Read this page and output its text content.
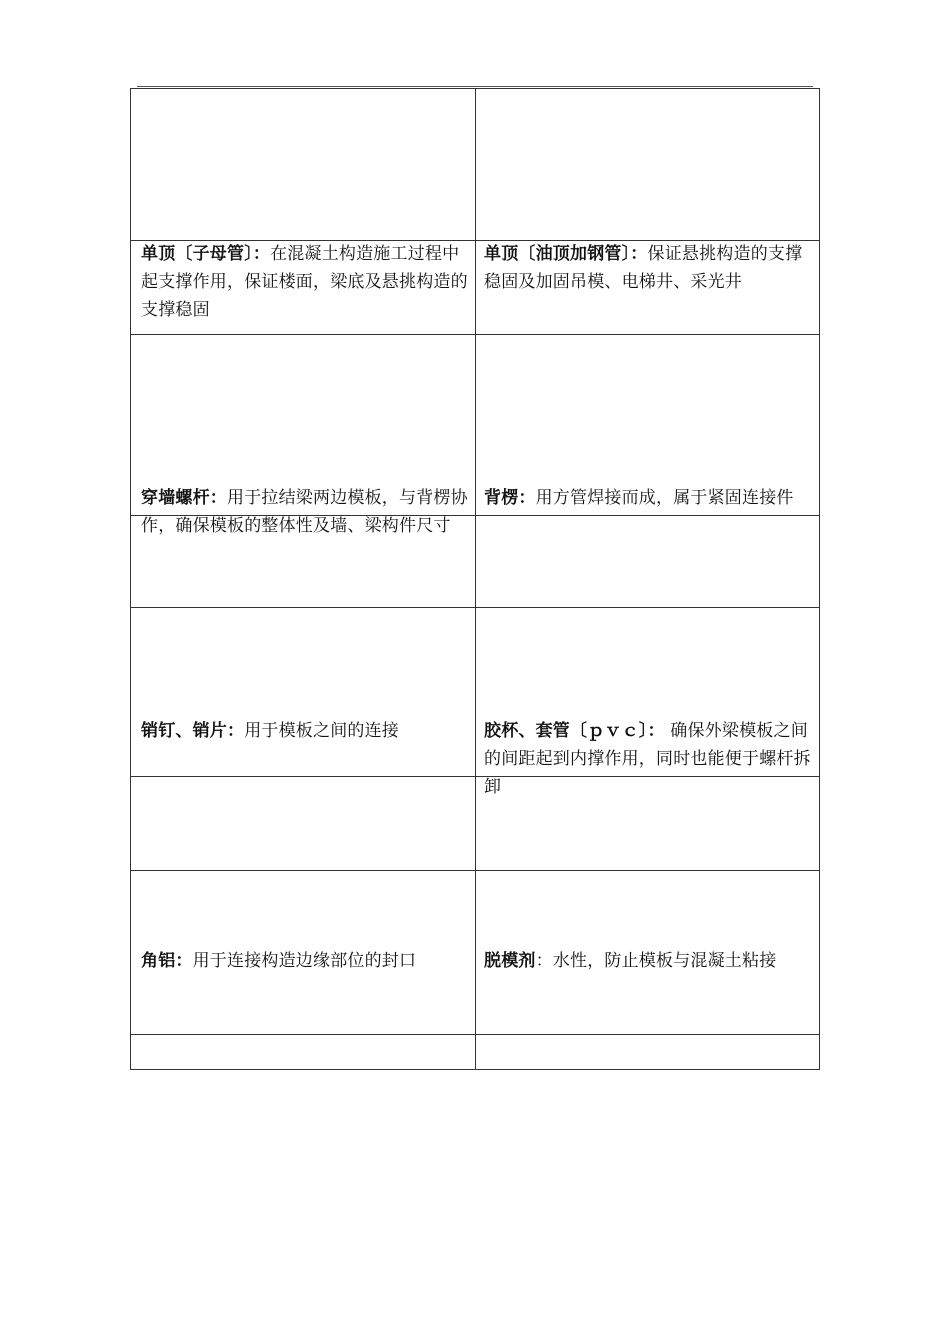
单顶〔子母管〕：在混凝土构造施工过程中起支撑作用，保证楼面，梁底及悬挑构造的支撑稳固
单顶〔油顶加钢管〕：保证悬挑构造的支撑稳固及加固吊模、电梯井、采光井
穿墙螺杆：用于拉结梁两边模板，与背楞协作，确保模板的整体性及墙、梁构件尺寸
背楞：用方管焊接而成，属于紧固连接件
销钉、销片：用于模板之间的连接	胶杯、套管〔ｐｖｃ〕： 确保外梁模板之间的间距起到内撑作用，同时也能便于螺杆拆卸
角铝：用于连接构造边缘部位的封口	脱模剂：水性，防止模板与混凝土粘接
